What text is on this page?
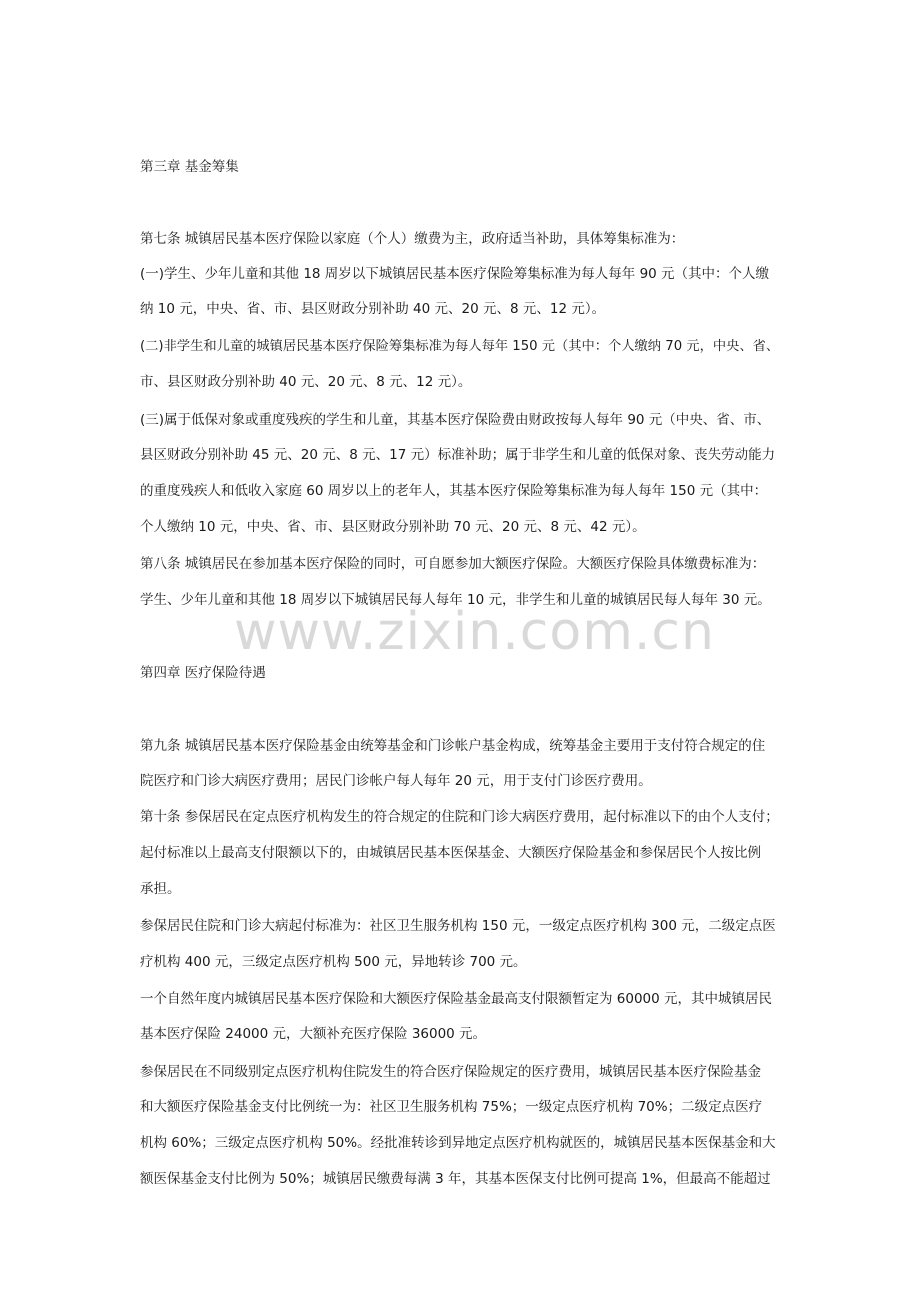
www.zixin.com.cn
第三章 基金筹集
第七条 城镇居民基本医疗保险以家庭（个人）缴费为主，政府适当补助，具体筹集标准为：
(一)学生、少年儿童和其他 18 周岁以下城镇居民基本医疗保险筹集标准为每人每年 90 元（其中：个人缴
纳 10 元，中央、省、市、县区财政分别补助 40 元、20 元、8 元、12 元）。
(二)非学生和儿童的城镇居民基本医疗保险筹集标准为每人每年 150 元（其中：个人缴纳 70 元，中央、省、
市、县区财政分别补助 40 元、20 元、8 元、12 元）。
(三)属于低保对象或重度残疾的学生和儿童，其基本医疗保险费由财政按每人每年 90 元（中央、省、市、
县区财政分别补助 45 元、20 元、8 元、17 元）标准补助；属于非学生和儿童的低保对象、丧失劳动能力
的重度残疾人和低收入家庭 60 周岁以上的老年人，其基本医疗保险筹集标准为每人每年 150 元（其中：
个人缴纳 10 元，中央、省、市、县区财政分别补助 70 元、20 元、8 元、42 元）。
第八条 城镇居民在参加基本医疗保险的同时，可自愿参加大额医疗保险。大额医疗保险具体缴费标准为：
学生、少年儿童和其他 18 周岁以下城镇居民每人每年 10 元，非学生和儿童的城镇居民每人每年 30 元。
第四章 医疗保险待遇
第九条 城镇居民基本医疗保险基金由统筹基金和门诊帐户基金构成，统筹基金主要用于支付符合规定的住
院医疗和门诊大病医疗费用；居民门诊帐户每人每年 20 元，用于支付门诊医疗费用。
第十条 参保居民在定点医疗机构发生的符合规定的住院和门诊大病医疗费用，起付标准以下的由个人支付；
起付标准以上最高支付限额以下的，由城镇居民基本医保基金、大额医疗保险基金和参保居民个人按比例
承担。
参保居民住院和门诊大病起付标准为：社区卫生服务机构 150 元，一级定点医疗机构 300 元，二级定点医
疗机构 400 元，三级定点医疗机构 500 元，异地转诊 700 元。
一个自然年度内城镇居民基本医疗保险和大额医疗保险基金最高支付限额暂定为 60000 元，其中城镇居民
基本医疗保险 24000 元，大额补充医疗保险 36000 元。
参保居民在不同级别定点医疗机构住院发生的符合医疗保险规定的医疗费用，城镇居民基本医疗保险基金
和大额医疗保险基金支付比例统一为：社区卫生服务机构 75%；一级定点医疗机构 70%；二级定点医疗
机构 60%；三级定点医疗机构 50%。经批准转诊到异地定点医疗机构就医的，城镇居民基本医保基金和大
额医保基金支付比例为 50%；城镇居民缴费每满 3 年，其基本医保支付比例可提高 1%，但最高不能超过
